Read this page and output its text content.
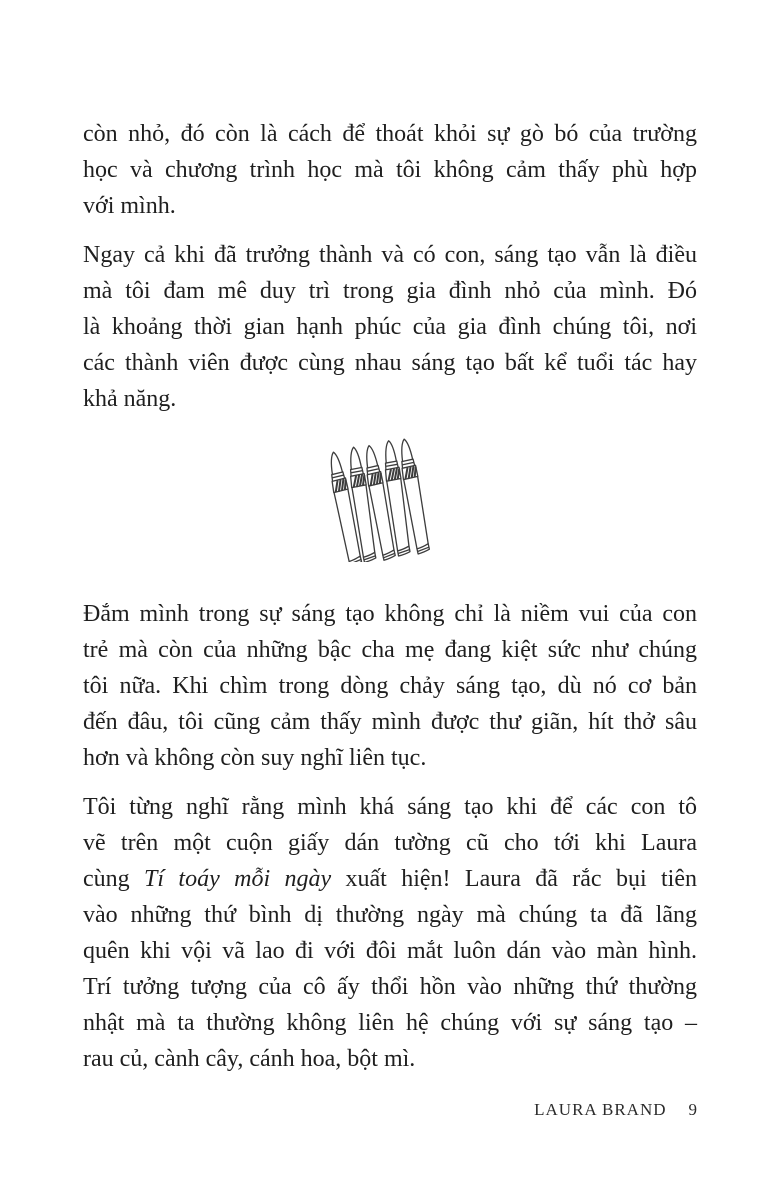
còn nhỏ, đó còn là cách để thoát khỏi sự gò bó của trường
học và chương trình học mà tôi không cảm thấy phù hợp
với mình.
Ngay cả khi đã trưởng thành và có con, sáng tạo vẫn là điều
mà tôi đam mê duy trì trong gia đình nhỏ của mình. Đó
là khoảng thời gian hạnh phúc của gia đình chúng tôi, nơi
các thành viên được cùng nhau sáng tạo bất kể tuổi tác hay
khả năng.
Đắm mình trong sự sáng tạo không chỉ là niềm vui của con
trẻ mà còn của những bậc cha mẹ đang kiệt sức như chúng
tôi nữa. Khi chìm trong dòng chảy sáng tạo, dù nó cơ bản
đến đâu, tôi cũng cảm thấy mình được thư giãn, hít thở sâu
hơn và không còn suy nghĩ liên tục.
Tôi từng nghĩ rằng mình khá sáng tạo khi để các con tô
vẽ trên một cuộn giấy dán tường cũ cho tới khi Laura
cùng Tí toáy mỗi ngày xuất hiện! Laura đã rắc bụi tiên
vào những thứ bình dị thường ngày mà chúng ta đã lãng
quên khi vội vã lao đi với đôi mắt luôn dán vào màn hình.
Trí tưởng tượng của cô ấy thổi hồn vào những thứ thường
nhật mà ta thường không liên hệ chúng với sự sáng tạo –
rau củ, cành cây, cánh hoa, bột mì.
LAURA BRAND 9
